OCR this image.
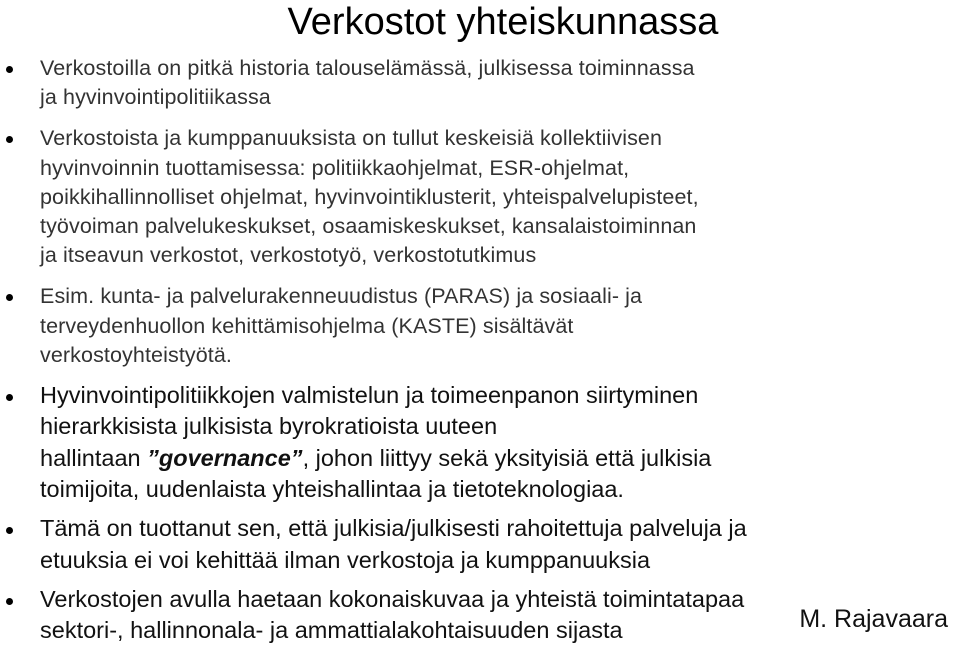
Verkostot yhteiskunnassa
Verkostoilla on pitkä historia talouselämässä, julkisessa toiminnassa
ja hyvinvointipolitiikassa
Verkostoista ja kumppanuuksista on tullut keskeisiä kollektiivisen
hyvinvoinnin tuottamisessa: politiikkaohjelmat, ESR-ohjelmat,
poikkihallinnolliset ohjelmat, hyvinvointiklusterit, yhteispalvelupisteet,
työvoiman palvelukeskukset, osaamiskeskukset, kansalaistoiminnan
ja itseavun verkostot, verkostotyö, verkostotutkimus
Esim. kunta- ja palvelurakenneuudistus (PARAS) ja sosiaali- ja
terveydenhuollon kehittämisohjelma (KASTE) sisältävät
verkostoyhteistyötä.
Hyvinvointipolitiikkojen valmistelun ja toimeenpanon siirtyminen
hierarkkisista julkisista byrokratioista uuteen
hallintaan ”governance”, johon liittyy sekä yksityisiä että julkisia
toimijoita, uudenlaista yhteishallintaa ja tietoteknologiaa.
Tämä on tuottanut sen, että julkisia/julkisesti rahoitettuja palveluja ja
etuuksia ei voi kehittää ilman verkostoja ja kumppanuuksia
Verkostojen avulla haetaan kokonaiskuvaa ja yhteistä toimintatapaa
sektori-, hallinnonala- ja ammattialakohtaisuuden sijasta	M. Rajavaara
